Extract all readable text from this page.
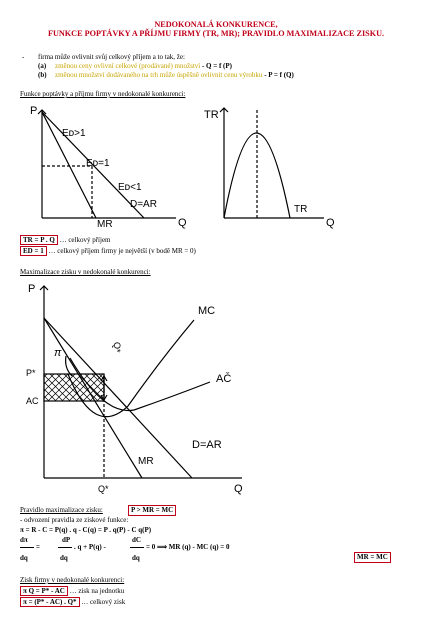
NEDOKONALÁ KONKURENCE,
FUNKCE POPTÁVKY A PŘÍJMU FIRMY (TR, MR); PRAVIDLO MAXIMALIZACE ZISKU.
- firma může ovlivnit svůj celkový příjem a to tak, že:
(a) změnou ceny ovlivní celkové (prodávané) množství - Q = f (P)
(b) změnou množství dodávaného na trh může úspěšně ovlivnit cenu výrobku - P = f (Q)
Funkce poptávky a příjmu firmy v nedokonalé konkurenci:
P
Q
Eᴅ>1
Eᴅ=1
Eᴅ<1
MR
D=AR
TR
Q
TR
TR = P . Q … celkový příjem
ED = 1 … celkový příjem firmy je největší (v bodě MR = 0)
Maximalizace zisku v nedokonalé konkurenci:
P
Q
MC
AČ
D=AR
MR
P*
AC
Q*
π	Q*
Pravidlo maximalizace zisku:	P > MR = MC
- odvození pravidla ze ziskové funkce:
π = R - C = P(q) . q - C(q) = P . q(P) - C q(P)
dπ	dP	dC
=	. q + P(q) -	= 0 ⟹ MR (q) - MC (q) = 0
MR = MC
dq	dq	dq
Zisk firmy v nedokonalé konkurenci:
π Q = P* - AC … zisk na jednotku
π = (P* - AC) . Q* … celkový zisk
